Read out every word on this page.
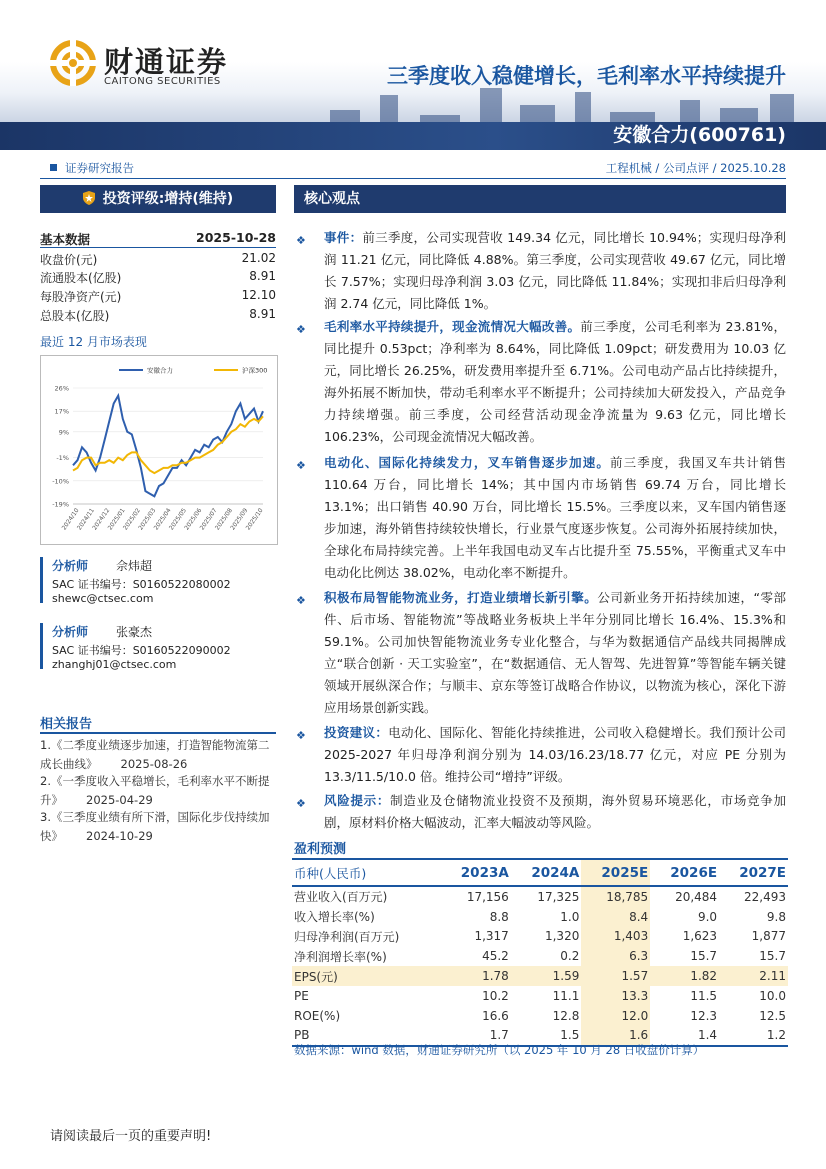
财通证券
CAITONG SECURITIES	三季度收入稳健增长，毛利率水平持续提升
安徽合力(600761)
证券研究报告	工程机械 / 公司点评 / 2025.10.28
投资评级:增持(维持)
基本数据	2025-10-28
收盘价(元)	21.02
流通股本(亿股)	8.91
每股净资产(元)	12.10
总股本(亿股)	8.91
最近 12 月市场表现
26%
17%
9%
-1%
-10%
-19%
2024/10
2024/11
2024/12
2025/01
2025/02
2025/03
2025/04
2025/05
2025/06
2025/07
2025/08
2025/09
2025/10
安徽合力	沪深300
分析师 佘炜超
SAC 证书编号：S0160522080002
shewc@ctsec.com
分析师 张豪杰
SAC 证书编号：S0160522090002
zhanghj01@ctsec.com
相关报告
1.《二季度业绩逐步加速，打造智能物流第二成长曲线》   2025-08-26
2.《一季度收入平稳增长，毛利率水平不断提升》   2025-04-29
3.《三季度业绩有所下滑，国际化步伐持续加快》   2024-10-29
核心观点
❖ 事件：前三季度，公司实现营收 149.34 亿元，同比增长 10.94%；实现归母净利润 11.21 亿元，同比降低 4.88%。第三季度，公司实现营收 49.67 亿元，同比增长 7.57%；实现归母净利润 3.03 亿元，同比降低 11.84%；实现扣非后归母净利润 2.74 亿元，同比降低 1%。
❖ 毛利率水平持续提升，现金流情况大幅改善。前三季度，公司毛利率为 23.81%，同比提升 0.53pct；净利率为 8.64%，同比降低 1.09pct；研发费用为 10.03 亿元，同比增长 26.25%，研发费用率提升至 6.71%。公司电动产品占比持续提升，海外拓展不断加快，带动毛利率水平不断提升；公司持续加大研发投入，产品竞争力持续增强。前三季度，公司经营活动现金净流量为 9.63 亿元，同比增长 106.23%，公司现金流情况大幅改善。
❖ 电动化、国际化持续发力，叉车销售逐步加速。前三季度，我国叉车共计销售 110.64 万台，同比增长 14%；其中国内市场销售 69.74 万台，同比增长 13.1%；出口销售 40.90 万台，同比增长 15.5%。三季度以来，叉车国内销售逐步加速，海外销售持续较快增长，行业景气度逐步恢复。公司海外拓展持续加快，全球化布局持续完善。上半年我国电动叉车占比提升至 75.55%，平衡重式叉车中电动化比例达 38.02%，电动化率不断提升。
❖ 积极布局智能物流业务，打造业绩增长新引擎。公司新业务开拓持续加速，“零部件、后市场、智能物流”等战略业务板块上半年分别同比增长 16.4%、15.3%和 59.1%。公司加快智能物流业务专业化整合，与华为数据通信产品线共同揭牌成立“联合创新 · 天工实验室”，在“数据通信、无人智驾、先进智算”等智能车辆关键领域开展纵深合作；与顺丰、京东等签订战略合作协议，以物流为核心，深化下游应用场景创新实践。
❖ 投资建议：电动化、国际化、智能化持续推进，公司收入稳健增长。我们预计公司 2025-2027 年归母净利润分别为 14.03/16.23/18.77 亿元，对应 PE 分别为 13.3/11.5/10.0 倍。维持公司“增持”评级。
❖ 风险提示：制造业及仓储物流业投资不及预期，海外贸易环境恶化，市场竞争加剧，原材料价格大幅波动，汇率大幅波动等风险。
盈利预测
币种(人民币)	2023A	2024A	2025E	2026E	2027E
营业收入(百万元)	17,156	17,325	18,785	20,484	22,493
收入增长率(%)	8.8	1.0	8.4	9.0	9.8
归母净利润(百万元)	1,317	1,320	1,403	1,623	1,877
净利润增长率(%)	45.2	0.2	6.3	15.7	15.7
EPS(元)	1.78	1.59	1.57	1.82	2.11
PE	10.2	11.1	13.3	11.5	10.0
ROE(%)	16.6	12.8	12.0	12.3	12.5
PB	1.7	1.5	1.6	1.4	1.2
数据来源：wind 数据，财通证券研究所（以 2025 年 10 月 28 日收盘价计算）
请阅读最后一页的重要声明!
